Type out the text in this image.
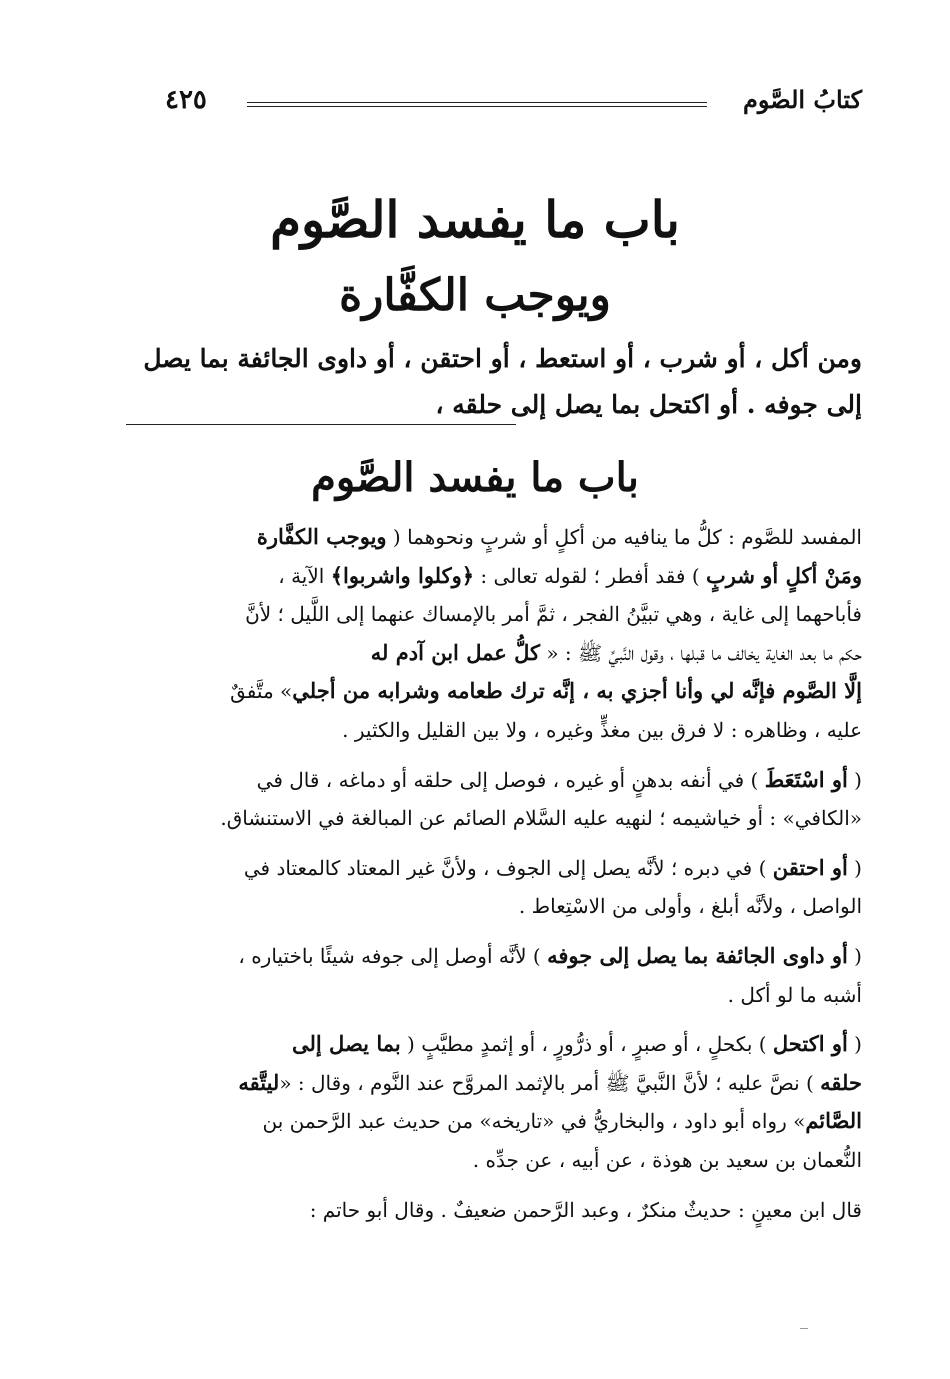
كتابُ الصَّوم
٤٢٥
باب ما يفسد الصَّوم
ويوجب الكفَّارة
ومن أكل ، أو شرب ، أو استعط ، أو احتقن ، أو داوى الجائفة بما يصل
إلى جوفه . أو اكتحل بما يصل إلى حلقه ،
باب ما يفسد الصَّوم
المفسد للصَّوم : كلُّ ما ينافيه من أكلٍ أو شربٍ ونحوهما ( ويوجب الكفَّارة
ومَنْ أكلٍ أو شربٍ ) فقد أفطر ؛ لقوله تعالى : ﴿وكلوا واشربوا﴾ الآية ،
فأباحهما إلى غاية ، وهي تبيَّنُ الفجر ، ثمَّ أمر بالإمساك عنهما إلى اللَّيل ؛ لأنَّ
حكم ما بعد الغاية يخالف ما قبلها ، وقول النَّبيِّ ﷺ : « كلُّ عمل ابن آدم له
إلَّا الصَّوم فإنَّه لي وأنا أجزي به ، إنَّه ترك طعامه وشرابه من أجلي» متَّفقٌ
عليه ، وظاهره : لا فرق بين مغذٍّ وغيره ، ولا بين القليل والكثير .
( أو اسْتَعَطَ ) في أنفه بدهنٍ أو غيره ، فوصل إلى حلقه أو دماغه ، قال في
«الكافي» : أو خياشيمه ؛ لنهيه عليه السَّلام الصائم عن المبالغة في الاستنشاق.
( أو احتقن ) في دبره ؛ لأنَّه يصل إلى الجوف ، ولأنَّ غير المعتاد كالمعتاد في
الواصل ، ولأنَّه أبلغ ، وأولى من الاسْتِعاط .
( أو داوى الجائفة بما يصل إلى جوفه ) لأنَّه أوصل إلى جوفه شيئًا باختياره ،
أشبه ما لو أكل .
( أو اكتحل ) بكحلٍ ، أو صبرٍ ، أو ذرُّورٍ ، أو إثمدٍ مطيَّبٍ ( بما يصل إلى
حلقه ) نصَّ عليه ؛ لأنَّ النَّبيَّ ﷺ أمر بالإثمد المروَّح عند النَّوم ، وقال : «ليتَّقه
الصَّائم» رواه أبو داود ، والبخاريُّ في «تاريخه» من حديث عبد الرَّحمن بن
النُّعمان بن سعيد بن هوذة ، عن أبيه ، عن جدِّه .
قال ابن معينٍ : حديثٌ منكرٌ ، وعبد الرَّحمن ضعيفٌ . وقال أبو حاتم :
